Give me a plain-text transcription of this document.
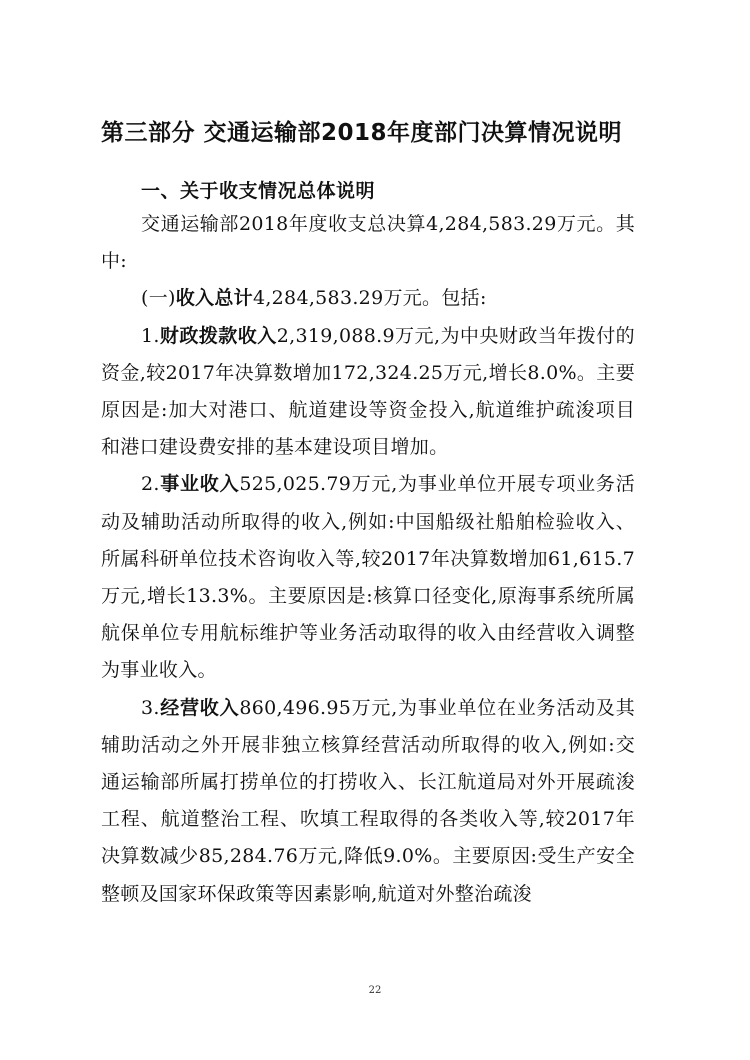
第三部分 交通运输部2018年度部门决算情况说明
一、关于收支情况总体说明

交通运输部2018年度收支总决算4,284,583.29万元。其中:

(一)收入总计4,284,583.29万元。包括:

1.财政拨款收入2,319,088.9万元,为中央财政当年拨付的资金,较2017年决算数增加172,324.25万元,增长8.0%。主要原因是:加大对港口、航道建设等资金投入,航道维护疏浚项目和港口建设费安排的基本建设项目增加。

2.事业收入525,025.79万元,为事业单位开展专项业务活动及辅助活动所取得的收入,例如:中国船级社船舶检验收入、所属科研单位技术咨询收入等,较2017年决算数增加61,615.7万元,增长13.3%。主要原因是:核算口径变化,原海事系统所属航保单位专用航标维护等业务活动取得的收入由经营收入调整为事业收入。

3.经营收入860,496.95万元,为事业单位在业务活动及其辅助活动之外开展非独立核算经营活动所取得的收入,例如:交通运输部所属打捞单位的打捞收入、长江航道局对外开展疏浚工程、航道整治工程、吹填工程取得的各类收入等,较2017年决算数减少85,284.76万元,降低9.0%。主要原因:受生产安全整顿及国家环保政策等因素影响,航道对外整治疏浚

22
